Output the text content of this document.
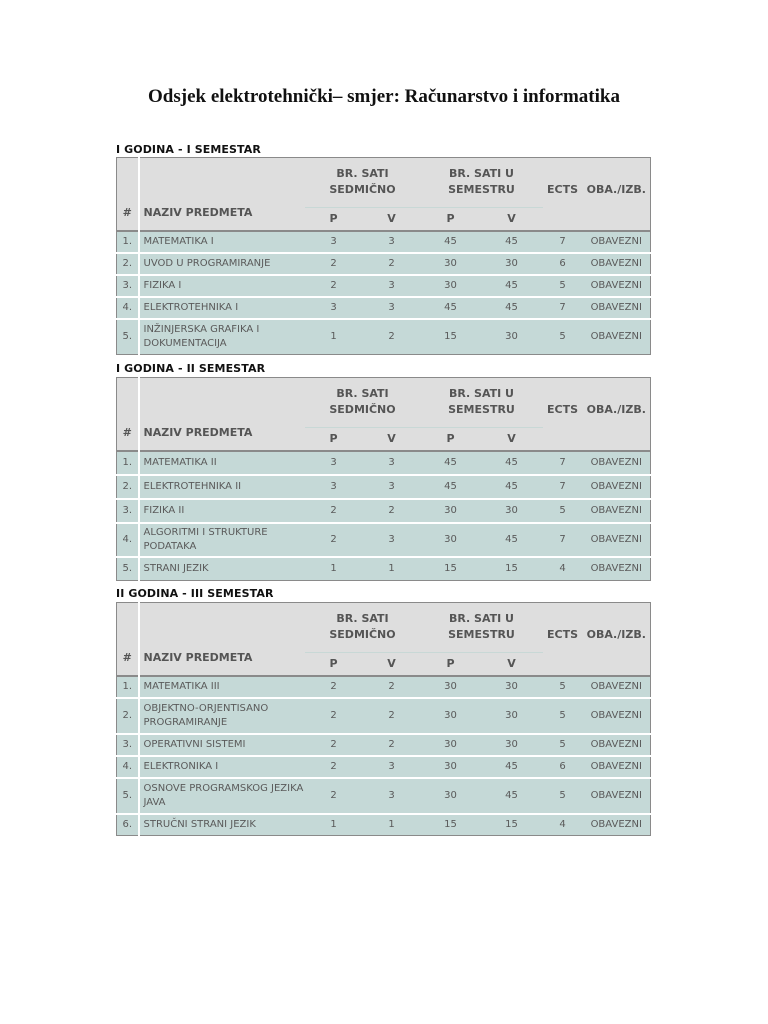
Odsjek elektrotehnički– smjer: Računarstvo i informatika
I GODINA - I SEMESTAR
#	NAZIV PREDMETA	BR. SATI SEDMIČNO		BR. SATI U SEMESTRU		ECTS	OBA./IZB.
		P	V	P	V		
1.	MATEMATIKA I	3	3	45	45	7	OBAVEZNI
2.	UVOD U PROGRAMIRANJE	2	2	30	30	6	OBAVEZNI
3.	FIZIKA I	2	3	30	45	5	OBAVEZNI
4.	ELEKTROTEHNIKA I	3	3	45	45	7	OBAVEZNI
5.	INŽINJERSKA GRAFIKA I DOKUMENTACIJA	1	2	15	30	5	OBAVEZNI
I GODINA - II SEMESTAR
#	NAZIV PREDMETA	BR. SATI SEDMIČNO		BR. SATI U SEMESTRU		ECTS	OBA./IZB.
		P	V	P	V		
1.	MATEMATIKA II	3	3	45	45	7	OBAVEZNI
2.	ELEKTROTEHNIKA II	3	3	45	45	7	OBAVEZNI
3.	FIZIKA II	2	2	30	30	5	OBAVEZNI
4.	ALGORITMI I STRUKTURE PODATAKA	2	3	30	45	7	OBAVEZNI
5.	STRANI JEZIK	1	1	15	15	4	OBAVEZNI
II GODINA - III SEMESTAR
#	NAZIV PREDMETA	BR. SATI SEDMIČNO		BR. SATI U SEMESTRU		ECTS	OBA./IZB.
		P	V	P	V		
1.	MATEMATIKA III	2	2	30	30	5	OBAVEZNI
2.	OBJEKTNO-ORJENTISANO PROGRAMIRANJE	2	2	30	30	5	OBAVEZNI
3.	OPERATIVNI SISTEMI	2	2	30	30	5	OBAVEZNI
4.	ELEKTRONIKA I	2	3	30	45	6	OBAVEZNI
5.	OSNOVE PROGRAMSKOG JEZIKA JAVA	2	3	30	45	5	OBAVEZNI
6.	STRUČNI STRANI JEZIK	1	1	15	15	4	OBAVEZNI
